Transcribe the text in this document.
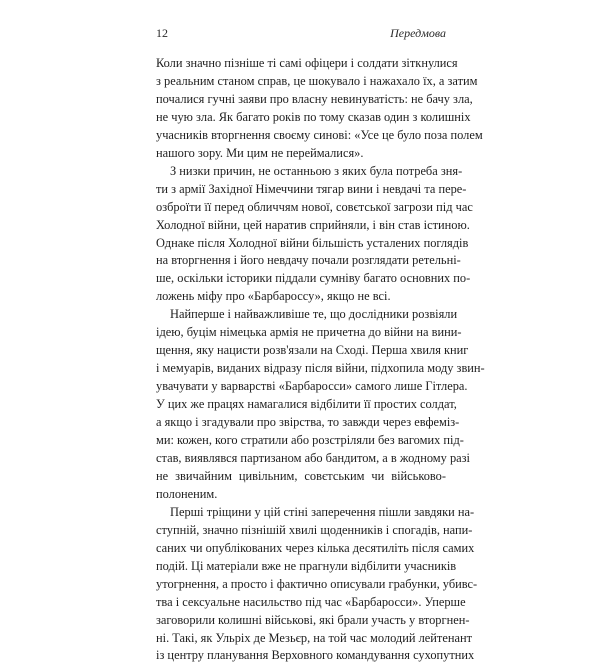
12	Передмова

Коли значно пізніше ті самі офіцери і солдати зіткнулися
з реальним станом справ, це шокувало і нажахало їх, а затим
почалися гучні заяви про власну невинуватість: не бачу зла,
не чую зла. Як багато років по тому сказав один з колишніх
учасників вторгнення своєму синові: «Усе це було поза полем
нашого зору. Ми цим не переймалися».

З низки причин, не останньою з яких була потреба зня-
ти з армії Західної Німеччини тягар вини і невдачі та пере-
озброїти її перед обличчям нової, совєтської загрози під час
Холодної війни, цей наратив сприйняли, і він став істиною.
Однаке після Холодної війни більшість усталених поглядів
на вторгнення і його невдачу почали розглядати ретельні-
ше, оскільки історики піддали сумніву багато основних по-
ложень міфу про «Барбароссу», якщо не всі.

Найперше і найважливіше те, що дослідники розвіяли
ідею, буцім німецька армія не причетна до війни на вини-
щення, яку нацисти розв'язали на Сході. Перша хвиля книг
і мемуарів, виданих відразу після війни, підхопила моду звин-
увачувати у варварстві «Барбаросси» самого лише Гітлера.
У цих же працях намагалися відбілити її простих солдат,
а якщо і згадували про звірства, то завжди через евфеміз-
ми: кожен, кого стратили або розстріляли без вагомих під-
став, виявлявся партизаном або бандитом, а в жодному разі
не звичайним цивільним, совєтським чи військово-
полоненим.

Перші тріщини у цій стіні заперечення пішли завдяки на-
ступній, значно пізнішій хвилі щоденників і спогадів, напи-
саних чи опублікованих через кілька десятиліть після самих
подій. Ці матеріали вже не прагнули відбілити учасників
утогрнення, а просто і фактично описували грабунки, убивс-
тва і сексуальне насильство під час «Барбаросси». Уперше
заговорили колишні військові, які брали участь у вторгнен-
ні. Такі, як Ульріх де Мезьєр, на той час молодий лейтенант
із центру планування Верховного командування сухопутних
